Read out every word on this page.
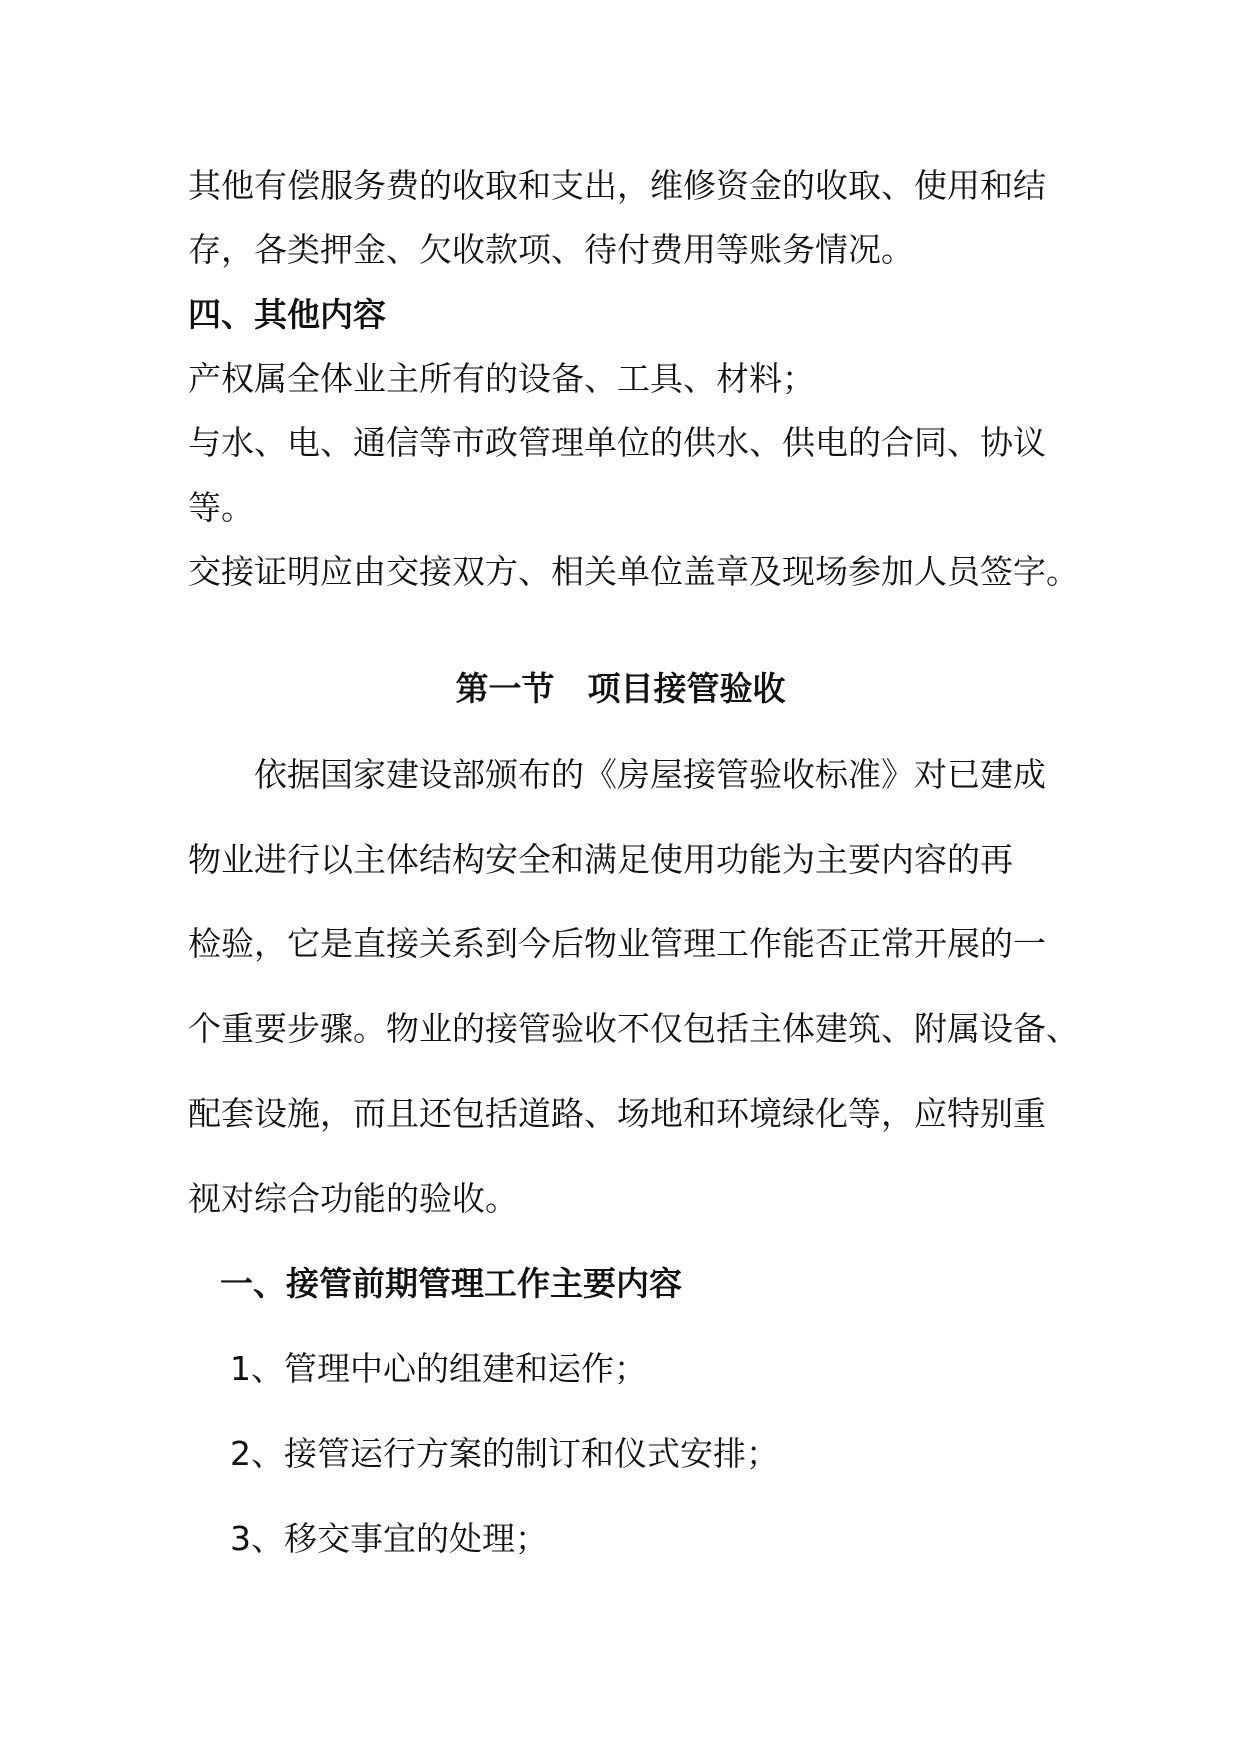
其他有偿服务费的收取和支出，维修资金的收取、使用和结
存，各类押金、欠收款项、待付费用等账务情况。
四、其他内容
产权属全体业主所有的设备、工具、材料；
与水、电、通信等市政管理单位的供水、供电的合同、协议
等。
交接证明应由交接双方、相关单位盖章及现场参加人员签字。
第一节　项目接管验收
　　依据国家建设部颁布的《房屋接管验收标准》对已建成
物业进行以主体结构安全和满足使用功能为主要内容的再
检验，它是直接关系到今后物业管理工作能否正常开展的一
个重要步骤。物业的接管验收不仅包括主体建筑、附属设备、
配套设施，而且还包括道路、场地和环境绿化等，应特别重
视对综合功能的验收。
一、接管前期管理工作主要内容
1、管理中心的组建和运作；
2、接管运行方案的制订和仪式安排；
3、移交事宜的处理；
